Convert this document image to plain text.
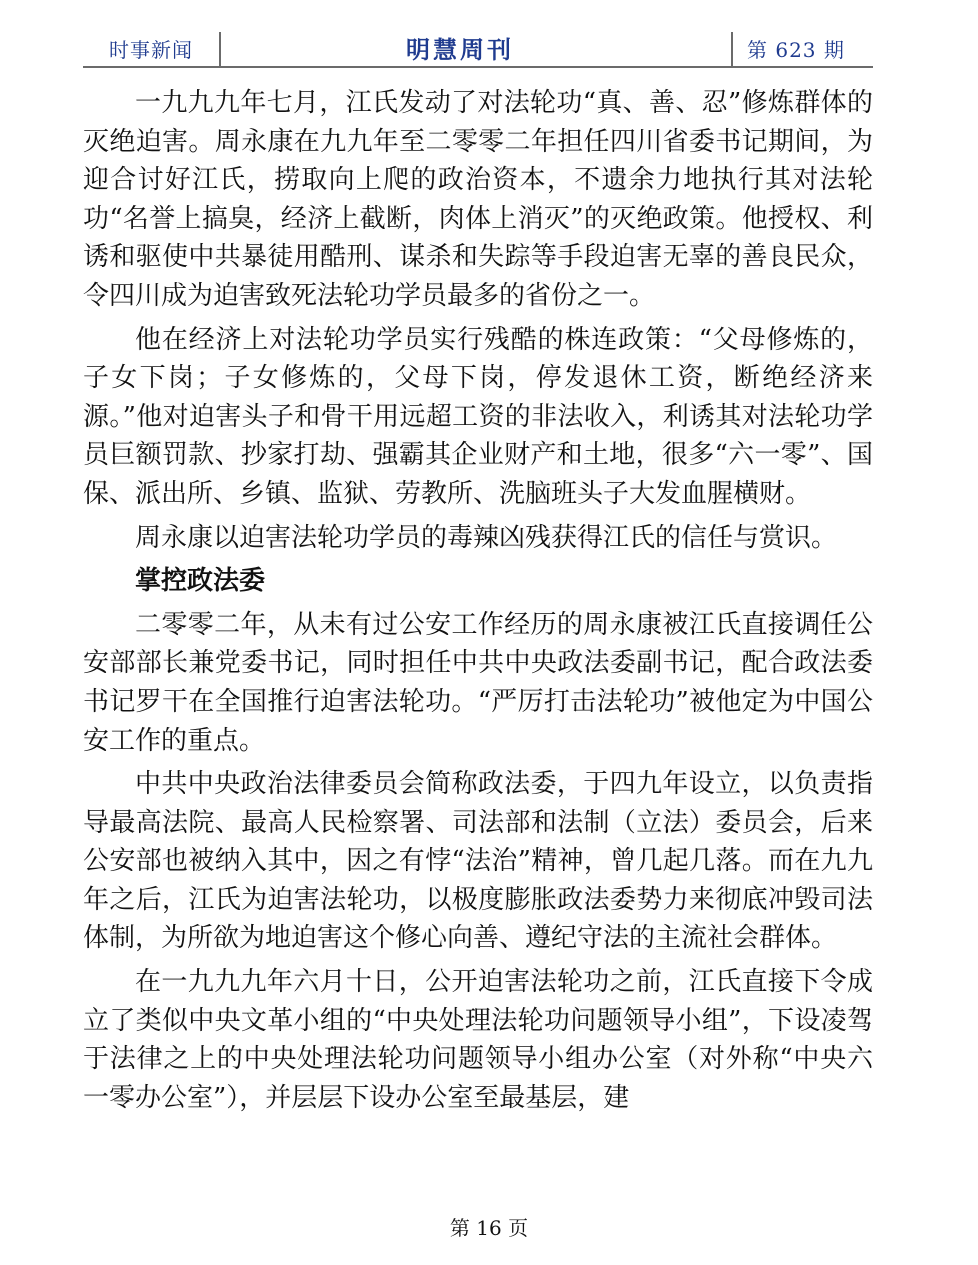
时事新闻	明慧周刊	第 623 期

一九九九年七月，江氏发动了对法轮功“真、善、忍”修炼群体的灭绝迫害。周永康在九九年至二零零二年担任四川省委书记期间，为迎合讨好江氏，捞取向上爬的政治资本，不遗余力地执行其对法轮功“名誉上搞臭，经济上截断，肉体上消灭”的灭绝政策。他授权、利诱和驱使中共暴徒用酷刑、谋杀和失踪等手段迫害无辜的善良民众，令四川成为迫害致死法轮功学员最多的省份之一。

他在经济上对法轮功学员实行残酷的株连政策：“父母修炼的，子女下岗；子女修炼的，父母下岗，停发退休工资，断绝经济来源。”他对迫害头子和骨干用远超工资的非法收入，利诱其对法轮功学员巨额罚款、抄家打劫、强霸其企业财产和土地，很多“六一零”、国保、派出所、乡镇、监狱、劳教所、洗脑班头子大发血腥横财。

周永康以迫害法轮功学员的毒辣凶残获得江氏的信任与赏识。

掌控政法委

二零零二年，从未有过公安工作经历的周永康被江氏直接调任公安部部长兼党委书记，同时担任中共中央政法委副书记，配合政法委书记罗干在全国推行迫害法轮功。“严厉打击法轮功”被他定为中国公安工作的重点。

中共中央政治法律委员会简称政法委，于四九年设立，以负责指导最高法院、最高人民检察署、司法部和法制（立法）委员会，后来公安部也被纳入其中，因之有悖“法治”精神，曾几起几落。而在九九年之后，江氏为迫害法轮功，以极度膨胀政法委势力来彻底冲毁司法体制，为所欲为地迫害这个修心向善、遵纪守法的主流社会群体。

在一九九九年六月十日，公开迫害法轮功之前，江氏直接下令成立了类似中央文革小组的“中央处理法轮功问题领导小组”，下设凌驾于法律之上的中央处理法轮功问题领导小组办公室（对外称“中央六一零办公室”），并层层下设办公室至最基层，建

第 16 页
